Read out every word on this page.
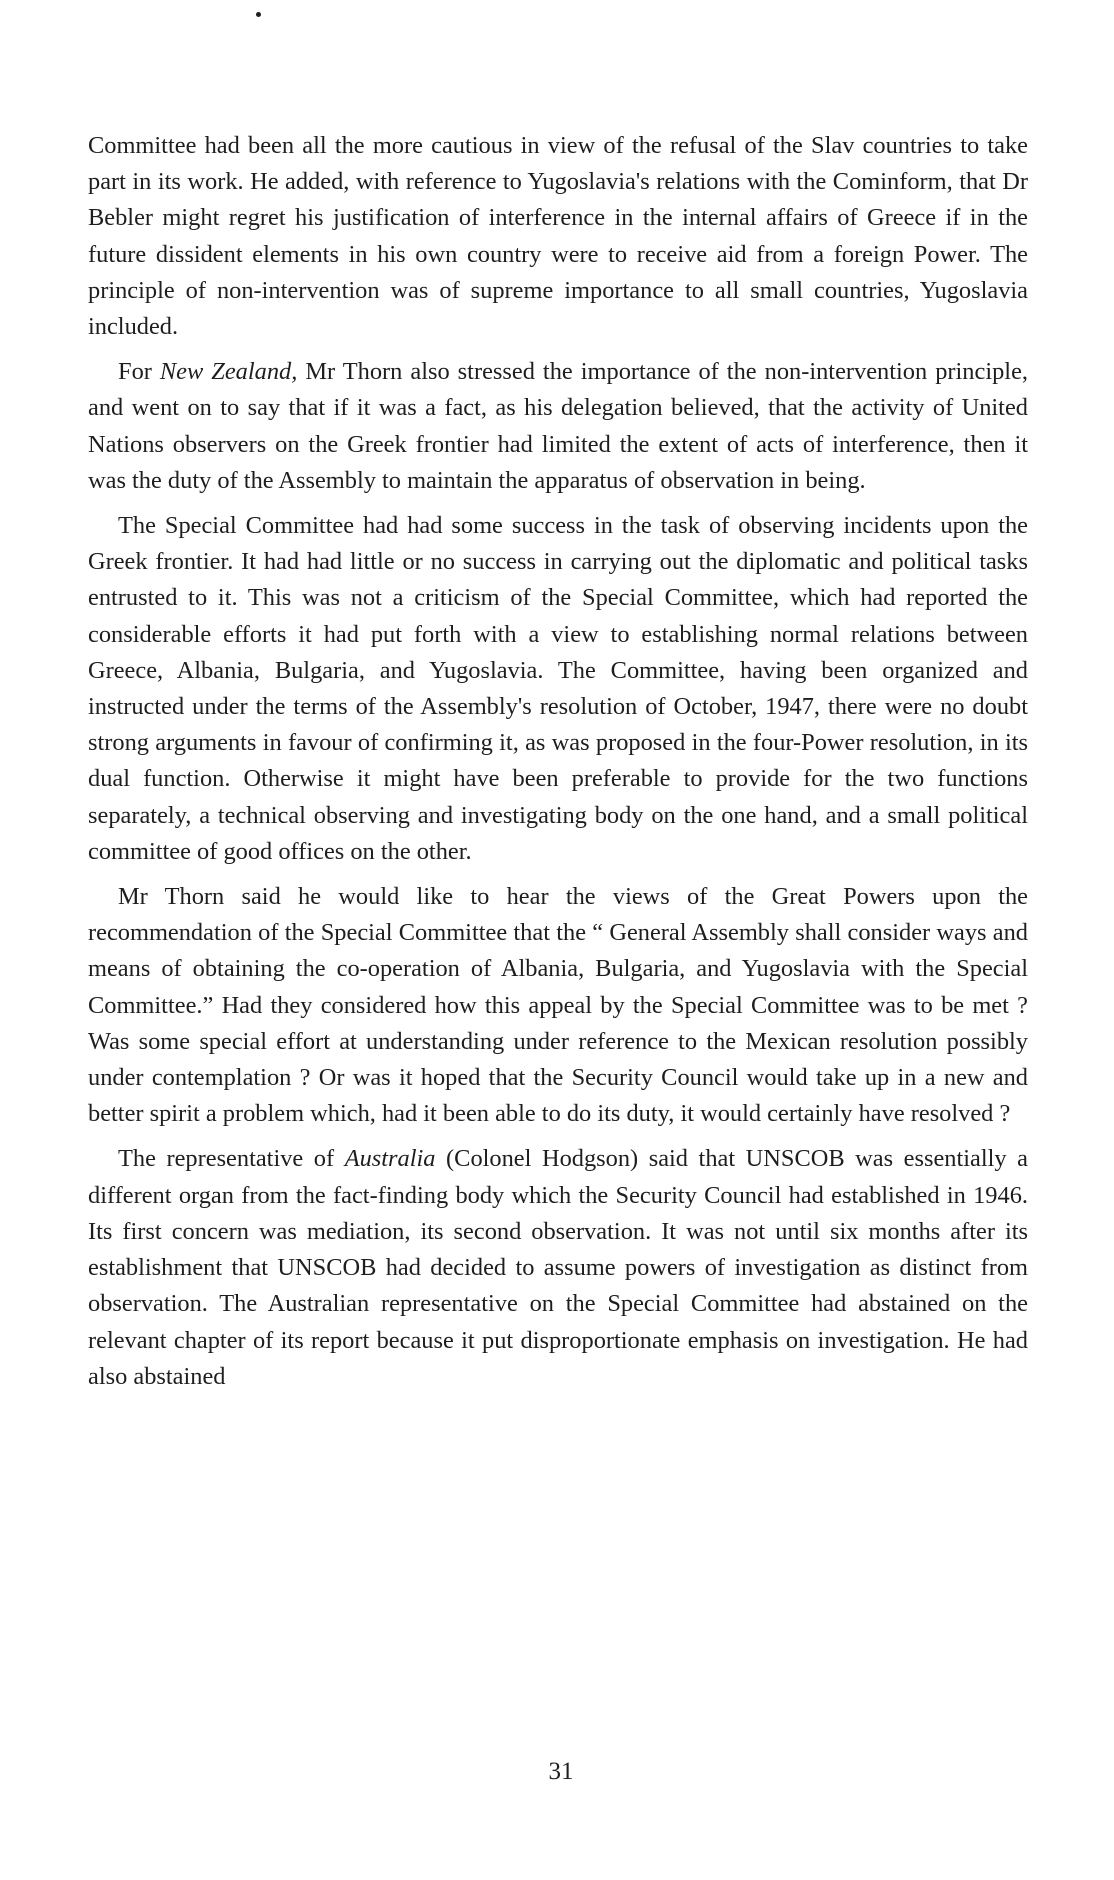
Committee had been all the more cautious in view of the refusal of the Slav countries to take part in its work. He added, with reference to Yugoslavia's relations with the Cominform, that Dr Bebler might regret his justification of interference in the internal affairs of Greece if in the future dissident elements in his own country were to receive aid from a foreign Power. The principle of non-intervention was of supreme importance to all small countries, Yugoslavia included.

For New Zealand, Mr Thorn also stressed the importance of the non-intervention principle, and went on to say that if it was a fact, as his delegation believed, that the activity of United Nations observers on the Greek frontier had limited the extent of acts of interference, then it was the duty of the Assembly to maintain the apparatus of observation in being.

The Special Committee had had some success in the task of observing incidents upon the Greek frontier. It had had little or no success in carrying out the diplomatic and political tasks entrusted to it. This was not a criticism of the Special Committee, which had reported the considerable efforts it had put forth with a view to establishing normal relations between Greece, Albania, Bulgaria, and Yugoslavia. The Committee, having been organized and instructed under the terms of the Assembly's resolution of October, 1947, there were no doubt strong arguments in favour of confirming it, as was proposed in the four-Power resolution, in its dual function. Otherwise it might have been preferable to provide for the two functions separately, a technical observing and investigating body on the one hand, and a small political committee of good offices on the other.

Mr Thorn said he would like to hear the views of the Great Powers upon the recommendation of the Special Committee that the “ General Assembly shall consider ways and means of obtaining the co-operation of Albania, Bulgaria, and Yugoslavia with the Special Committee.” Had they considered how this appeal by the Special Committee was to be met ? Was some special effort at understanding under reference to the Mexican resolution possibly under contemplation ? Or was it hoped that the Security Council would take up in a new and better spirit a problem which, had it been able to do its duty, it would certainly have resolved ?

The representative of Australia (Colonel Hodgson) said that UNSCOB was essentially a different organ from the fact-finding body which the Security Council had established in 1946. Its first concern was mediation, its second observation. It was not until six months after its establishment that UNSCOB had decided to assume powers of investigation as distinct from observation. The Australian representative on the Special Committee had abstained on the relevant chapter of its report because it put disproportionate emphasis on investigation. He had also abstained

31
